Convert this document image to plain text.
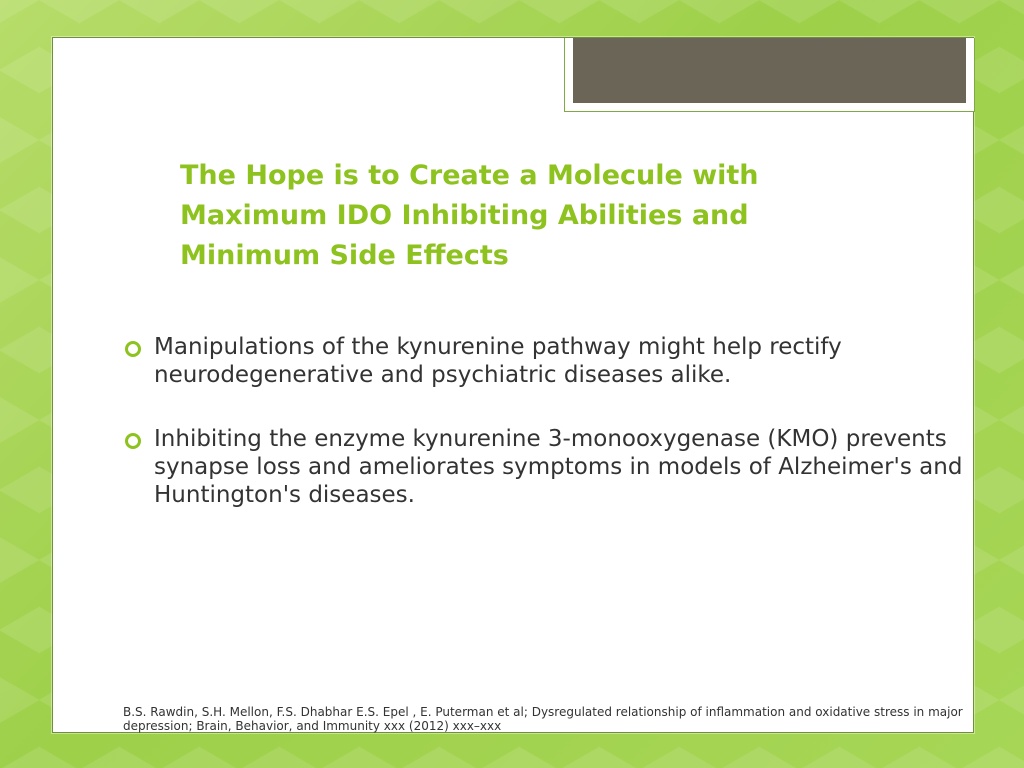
The Hope is to Create a Molecule with
Maximum IDO Inhibiting Abilities and
Minimum Side Effects
Manipulations of the kynurenine pathway might help rectify neurodegenerative and psychiatric diseases alike.
Inhibiting the enzyme kynurenine 3-monooxygenase (KMO) prevents synapse loss and ameliorates symptoms in models of Alzheimer's and Huntington's diseases.

B.S. Rawdin, S.H. Mellon, F.S. Dhabhar E.S. Epel , E. Puterman et al; Dysregulated relationship of inflammation and oxidative stress in major depression; Brain, Behavior, and Immunity xxx (2012) xxx–xxx
